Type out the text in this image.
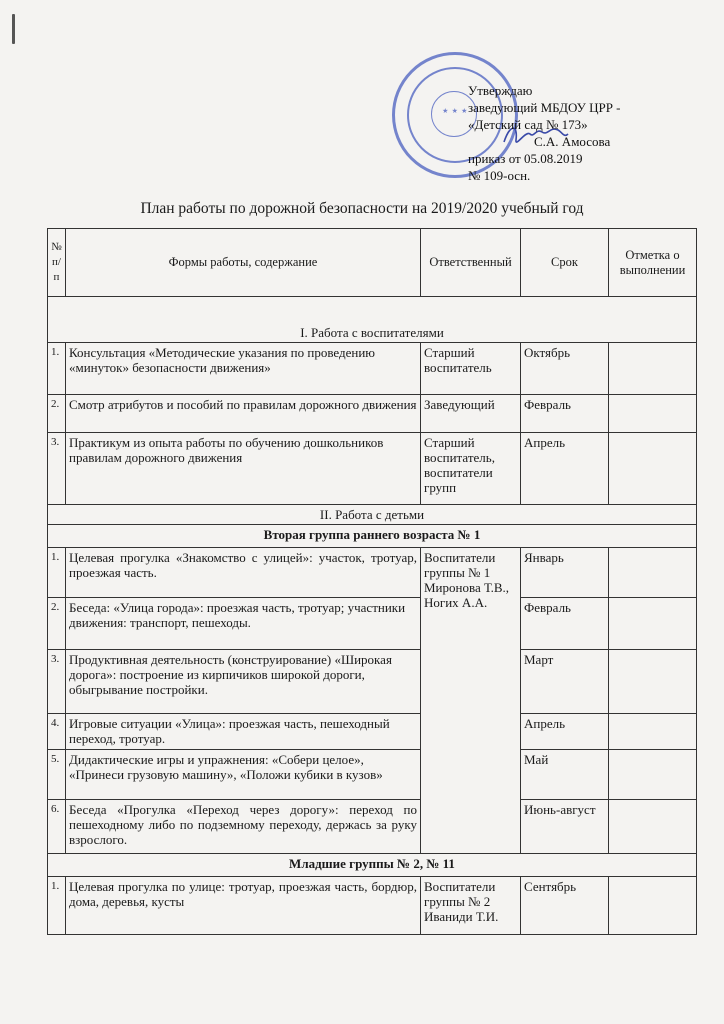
★ ★ ★
Утверждаю
заведующий МБДОУ ЦРР -
«Детский сад № 173»
С.А. Амосова
приказ от 05.08.2019
№ 109-осн.
План работы по дорожной безопасности на 2019/2020 учебный год
№ п/п	Формы работы, содержание	Ответственный	Срок	Отметка о выполнении
I. Работа с воспитателями				
1.	Консультация «Методические указания по проведению «минуток» безопасности движения»	Старший воспитатель	Октябрь	
2.	Смотр атрибутов и пособий по правилам дорожного движения	Заведующий	Февраль	
3.	Практикум из опыта работы по обучению дошкольников правилам дорожного движения	Старший воспитатель, воспитатели групп	Апрель	
II. Работа с детьми				
Вторая группа раннего возраста № 1				
1.	Целевая прогулка «Знакомство с улицей»: участок, тротуар, проезжая часть.	Воспитатели группы № 1 Миронова Т.В., Ногих А.А.	Январь	
2.	Беседа: «Улица города»: проезжая часть, тротуар; участники движения: транспорт, пешеходы.		Февраль	
3.	Продуктивная деятельность (конструирование) «Широкая дорога»: построение из кирпичиков широкой дороги, обыгрывание постройки.		Март	
4.	Игровые ситуации «Улица»: проезжая часть, пешеходный переход, тротуар.		Апрель	
5.	Дидактические игры и упражнения: «Собери целое», «Принеси грузовую машину», «Положи кубики в кузов»		Май	
6.	Беседа «Прогулка «Переход через дорогу»: переход по пешеходному либо по подземному переходу, держась за руку взрослого.		Июнь-август	
Младшие группы № 2, № 11				
1.	Целевая прогулка по улице: тротуар, проезжая часть, бордюр, дома, деревья, кусты	Воспитатели группы № 2 Иваниди Т.И.	Сентябрь	
